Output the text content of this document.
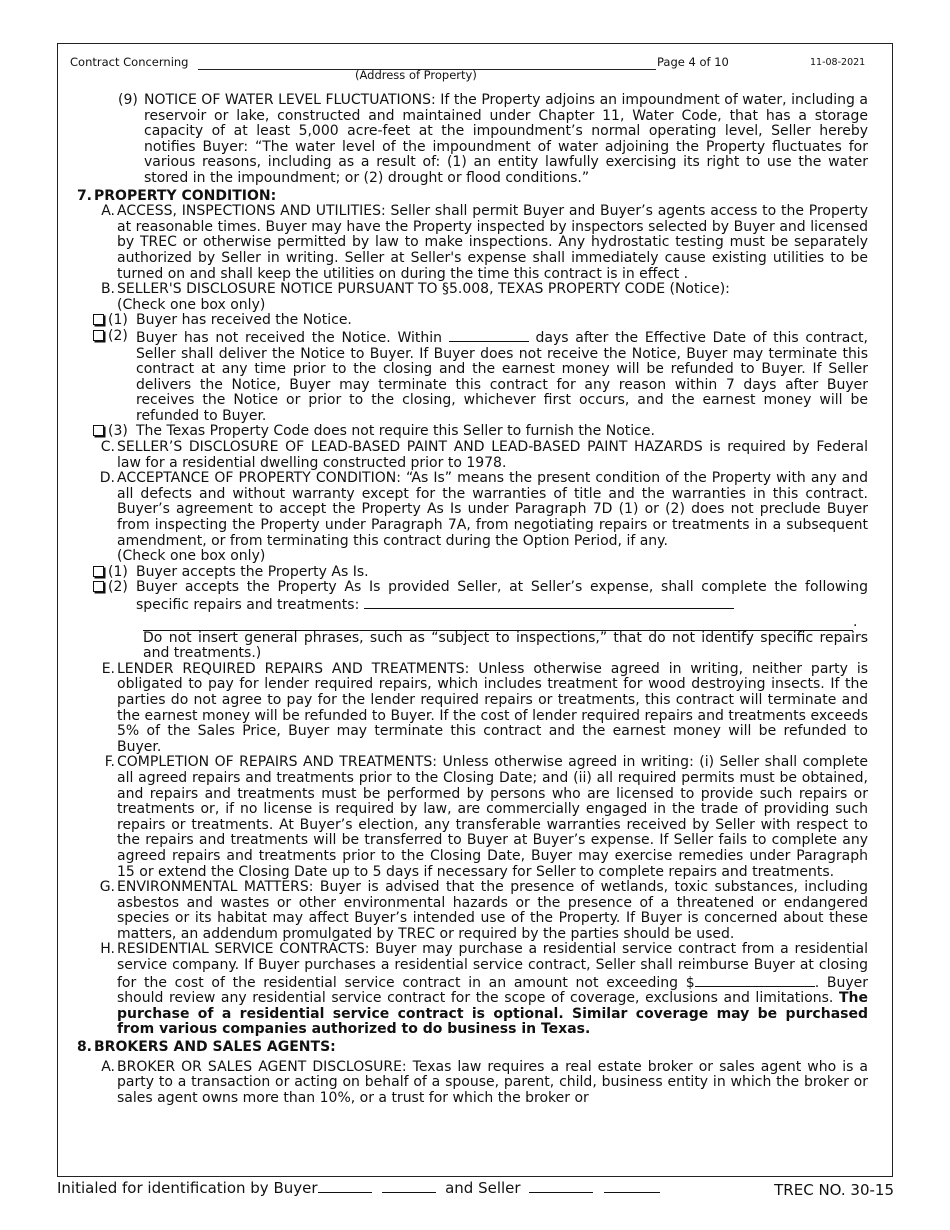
Contract Concerning
(Address of Property)
Page 4 of 10	11-08-2021
(9) NOTICE OF WATER LEVEL FLUCTUATIONS: If the Property adjoins an impoundment of water, including a reservoir or lake, constructed and maintained under Chapter 11, Water Code, that has a storage capacity of at least 5,000 acre-feet at the impoundment’s normal operating level, Seller hereby notifies Buyer: “The water level of the impoundment of water adjoining the Property fluctuates for various reasons, including as a result of: (1) an entity lawfully exercising its right to use the water stored in the impoundment; or (2) drought or flood conditions.”
7. PROPERTY CONDITION:
A. ACCESS, INSPECTIONS AND UTILITIES: Seller shall permit Buyer and Buyer’s agents access to the Property at reasonable times. Buyer may have the Property inspected by inspectors selected by Buyer and licensed by TREC or otherwise permitted by law to make inspections. Any hydrostatic testing must be separately authorized by Seller in writing. Seller at Seller's expense shall immediately cause existing utilities to be turned on and shall keep the utilities on during the time this contract is in effect .
B. SELLER'S DISCLOSURE NOTICE PURSUANT TO §5.008, TEXAS PROPERTY CODE (Notice):
(Check one box only)
(1) Buyer has received the Notice.
(2) Buyer has not received the Notice. Within	days after the Effective Date of this contract, Seller shall deliver the Notice to Buyer. If Buyer does not receive the Notice, Buyer may terminate this contract at any time prior to the closing and the earnest money will be refunded to Buyer. If Seller delivers the Notice, Buyer may terminate this contract for any reason within 7 days after Buyer receives the Notice or prior to the closing, whichever first occurs, and the earnest money will be refunded to Buyer.
(3) The Texas Property Code does not require this Seller to furnish the Notice.
C. SELLER’S DISCLOSURE OF LEAD-BASED PAINT AND LEAD-BASED PAINT HAZARDS is required by Federal law for a residential dwelling constructed prior to 1978.
D. ACCEPTANCE OF PROPERTY CONDITION: “As Is” means the present condition of the Property with any and all defects and without warranty except for the warranties of title and the warranties in this contract. Buyer’s agreement to accept the Property As Is under Paragraph 7D (1) or (2) does not preclude Buyer from inspecting the Property under Paragraph 7A, from negotiating repairs or treatments in a subsequent amendment, or from terminating this contract during the Option Period, if any.
(Check one box only)
(1) Buyer accepts the Property As Is.
(2) Buyer accepts the Property As Is provided Seller, at Seller’s expense, shall complete the following specific repairs and treatments:
.
Do not insert general phrases, such as “subject to inspections,” that do not identify specific repairs and treatments.)
E. LENDER REQUIRED REPAIRS AND TREATMENTS: Unless otherwise agreed in writing, neither party is obligated to pay for lender required repairs, which includes treatment for wood destroying insects. If the parties do not agree to pay for the lender required repairs or treatments, this contract will terminate and the earnest money will be refunded to Buyer. If the cost of lender required repairs and treatments exceeds 5% of the Sales Price, Buyer may terminate this contract and the earnest money will be refunded to Buyer.
F. COMPLETION OF REPAIRS AND TREATMENTS: Unless otherwise agreed in writing: (i) Seller shall complete all agreed repairs and treatments prior to the Closing Date; and (ii) all required permits must be obtained, and repairs and treatments must be performed by persons who are licensed to provide such repairs or treatments or, if no license is required by law, are commercially engaged in the trade of providing such repairs or treatments. At Buyer’s election, any transferable warranties received by Seller with respect to the repairs and treatments will be transferred to Buyer at Buyer’s expense. If Seller fails to complete any agreed repairs and treatments prior to the Closing Date, Buyer may exercise remedies under Paragraph 15 or extend the Closing Date up to 5 days if necessary for Seller to complete repairs and treatments.
G. ENVIRONMENTAL MATTERS: Buyer is advised that the presence of wetlands, toxic substances, including asbestos and wastes or other environmental hazards or the presence of a threatened or endangered species or its habitat may affect Buyer’s intended use of the Property. If Buyer is concerned about these matters, an addendum promulgated by TREC or required by the parties should be used.
H. RESIDENTIAL SERVICE CONTRACTS: Buyer may purchase a residential service contract from a residential service company. If Buyer purchases a residential service contract, Seller shall reimburse Buyer at closing for the cost of the residential service contract in an amount not exceeding $	. Buyer should review any residential service contract for the scope of coverage, exclusions and limitations. The purchase of a residential service contract is optional. Similar coverage may be purchased from various companies authorized to do business in Texas.
8. BROKERS AND SALES AGENTS:
A. BROKER OR SALES AGENT DISCLOSURE: Texas law requires a real estate broker or sales agent who is a party to a transaction or acting on behalf of a spouse, parent, child, business entity in which the broker or sales agent owns more than 10%, or a trust for which the broker or
Initialed for identification by Buyer	and Seller	TREC NO. 30-15
